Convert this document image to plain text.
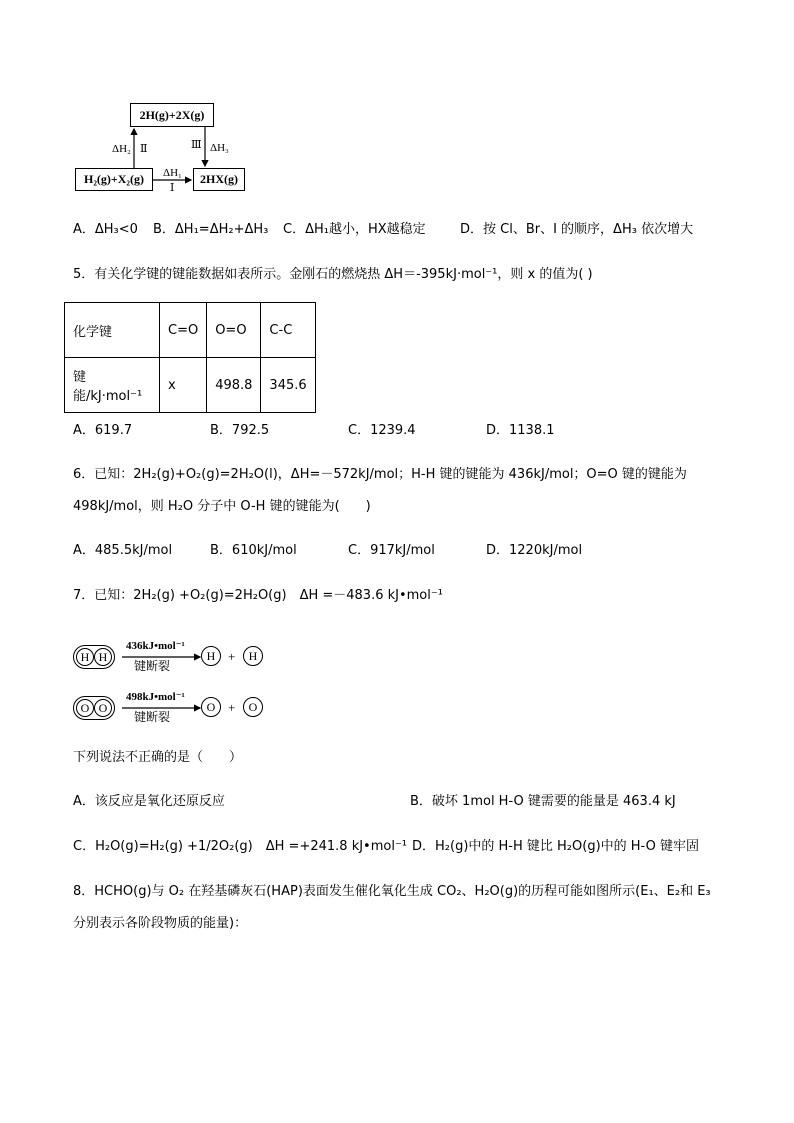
2H(g)+2X(g)
H₂(g)+X₂(g)	2HX(g)
ΔH₂ Ⅱ	Ⅲ ΔH₃
ΔH₁
Ⅰ
A．ΔH₃<0 B．ΔH₁=ΔH₂+ΔH₃ C．ΔH₁越小，HX越稳定	D．按 Cl、Br、I 的顺序，ΔH₃ 依次增大
5．有关化学键的键能数据如表所示。金刚石的燃烧热 ΔH＝-395kJ·mol⁻¹，则 x 的值为( )
化学键	C=O	O=O	C-C
键能/kJ·mol⁻¹	x	498.8	345.6
A．619.7	B．792.5	C．1239.4	D．1138.1
6．已知：2H₂(g)+O₂(g)=2H₂O(l)，ΔH=－572kJ/mol；H-H 键的键能为 436kJ/mol；O=O 键的键能为
498kJ/mol，则 H₂O 分子中 O-H 键的键能为(　　)
A．485.5kJ/mol	B．610kJ/mol	C．917kJ/mol	D．1220kJ/mol
7．已知：2H₂(g) +O₂(g)=2H₂O(g)　ΔH =－483.6 kJ•mol⁻¹
H H
436kJ•mol⁻¹
键断裂
H + H
O O
498kJ•mol⁻¹
键断裂
O + O
下列说法不正确的是（　　）
A．该反应是氧化还原反应	B．破坏 1mol H-O 键需要的能量是 463.4 kJ
C．H₂O(g)=H₂(g) +1/2O₂(g)　ΔH =+241.8 kJ•mol⁻¹ D．H₂(g)中的 H-H 键比 H₂O(g)中的 H-O 键牢固
8．HCHO(g)与 O₂ 在羟基磷灰石(HAP)表面发生催化氧化生成 CO₂、H₂O(g)的历程可能如图所示(E₁、E₂和 E₃
分别表示各阶段物质的能量)：
